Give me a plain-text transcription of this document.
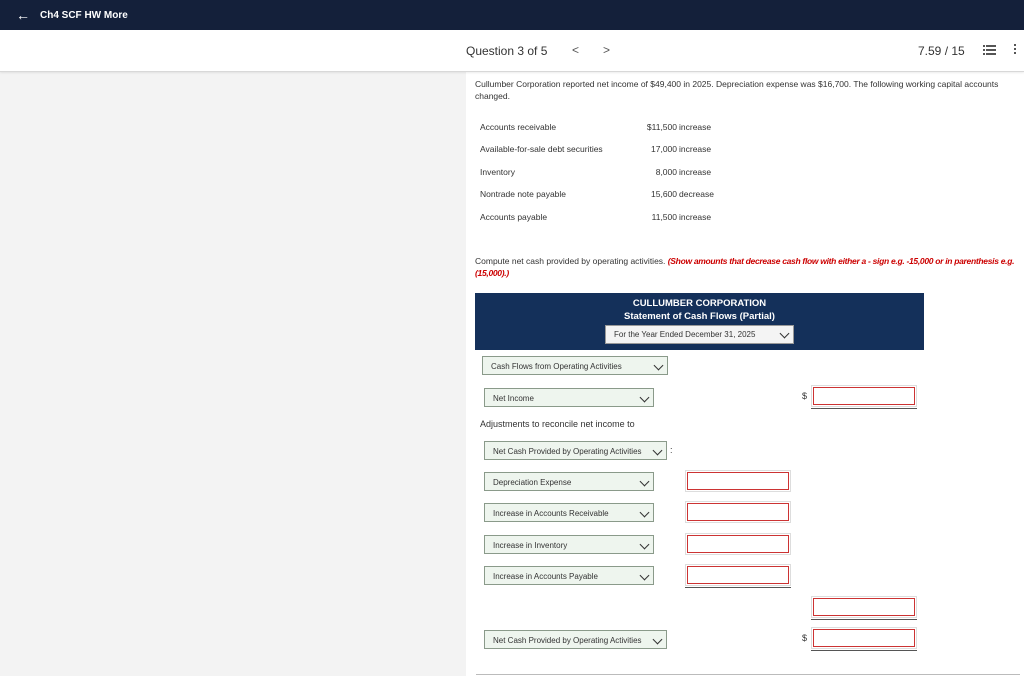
← Ch4 SCF HW More
Question 3 of 5 < >	7.59 / 15
Cullumber Corporation reported net income of $49,400 in 2025. Depreciation expense was $16,700. The following working capital accounts changed.
Accounts receivable	$11,500 increase
Available-for-sale debt securities	17,000 increase
Inventory	8,000 increase
Nontrade note payable	15,600 decrease
Accounts payable	11,500 increase
Compute net cash provided by operating activities. (Show amounts that decrease cash flow with either a - sign e.g. -15,000 or in parenthesis e.g. (15,000).)
CULLUMBER CORPORATION
Statement of Cash Flows (Partial)
For the Year Ended December 31, 2025
Cash Flows from Operating Activities
Net Income	$
Adjustments to reconcile net income to
Net Cash Provided by Operating Activities	:
Depreciation Expense
Increase in Accounts Receivable
Increase in Inventory
Increase in Accounts Payable
Net Cash Provided by Operating Activities	$
